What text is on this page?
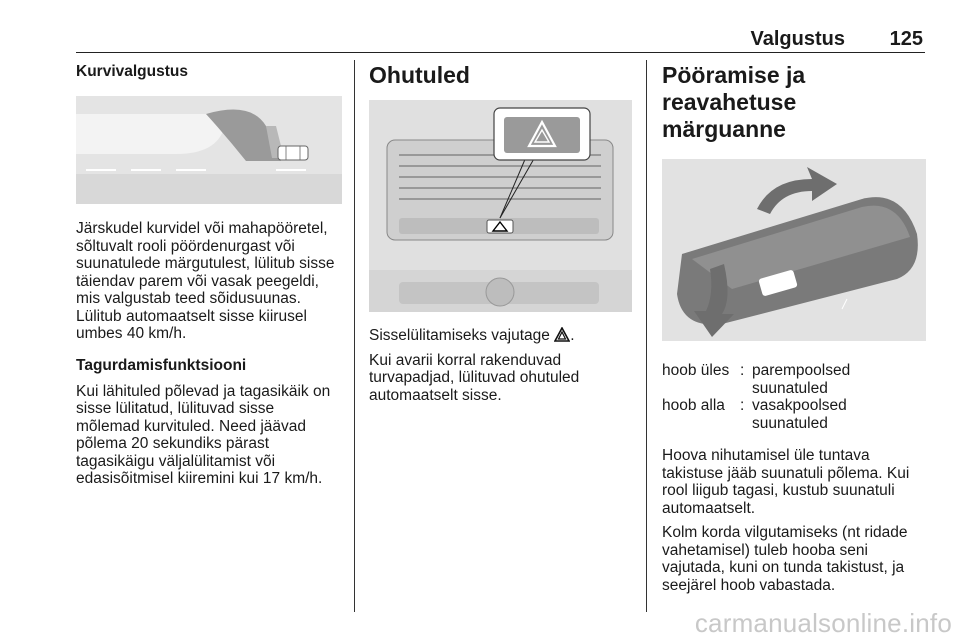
Valgustus 125
Kurvivalgustus

Järskudel kurvidel või mahapööretel, sõltuvalt rooli pöördenurgast või suunatulede märgutulest, lülitub sisse täiendav parem või vasak peegeldi, mis valgustab teed sõidusuunas. Lülitub automaatselt sisse kiirusel umbes 40 km/h.

Tagurdamisfunktsiooni

Kui lähituled põlevad ja tagasikäik on sisse lülitatud, lülituvad sisse mõlemad kurvituled. Need jäävad põlema 20 sekundiks pärast tagasikäigu väljalülitamist või edasisõitmisel kiiremini kui 17 km/h.

Ohutuled

Sisselülitamiseks vajutage .

Kui avarii korral rakenduvad turvapadjad, lülituvad ohutuled automaatselt sisse.

Pööramise ja reavahetuse märguanne
hoob üles	:	parempoolsed suunatuled
hoob alla	:	vasakpoolsed suunatuled

Hoova nihutamisel üle tuntava takistuse jääb suunatuli põlema. Kui rool liigub tagasi, kustub suunatuli automaatselt.

Kolm korda vilgutamiseks (nt ridade vahetamisel) tuleb hooba seni vajutada, kuni on tunda takistust, ja seejärel hoob vabastada.

carmanualsonline.info
